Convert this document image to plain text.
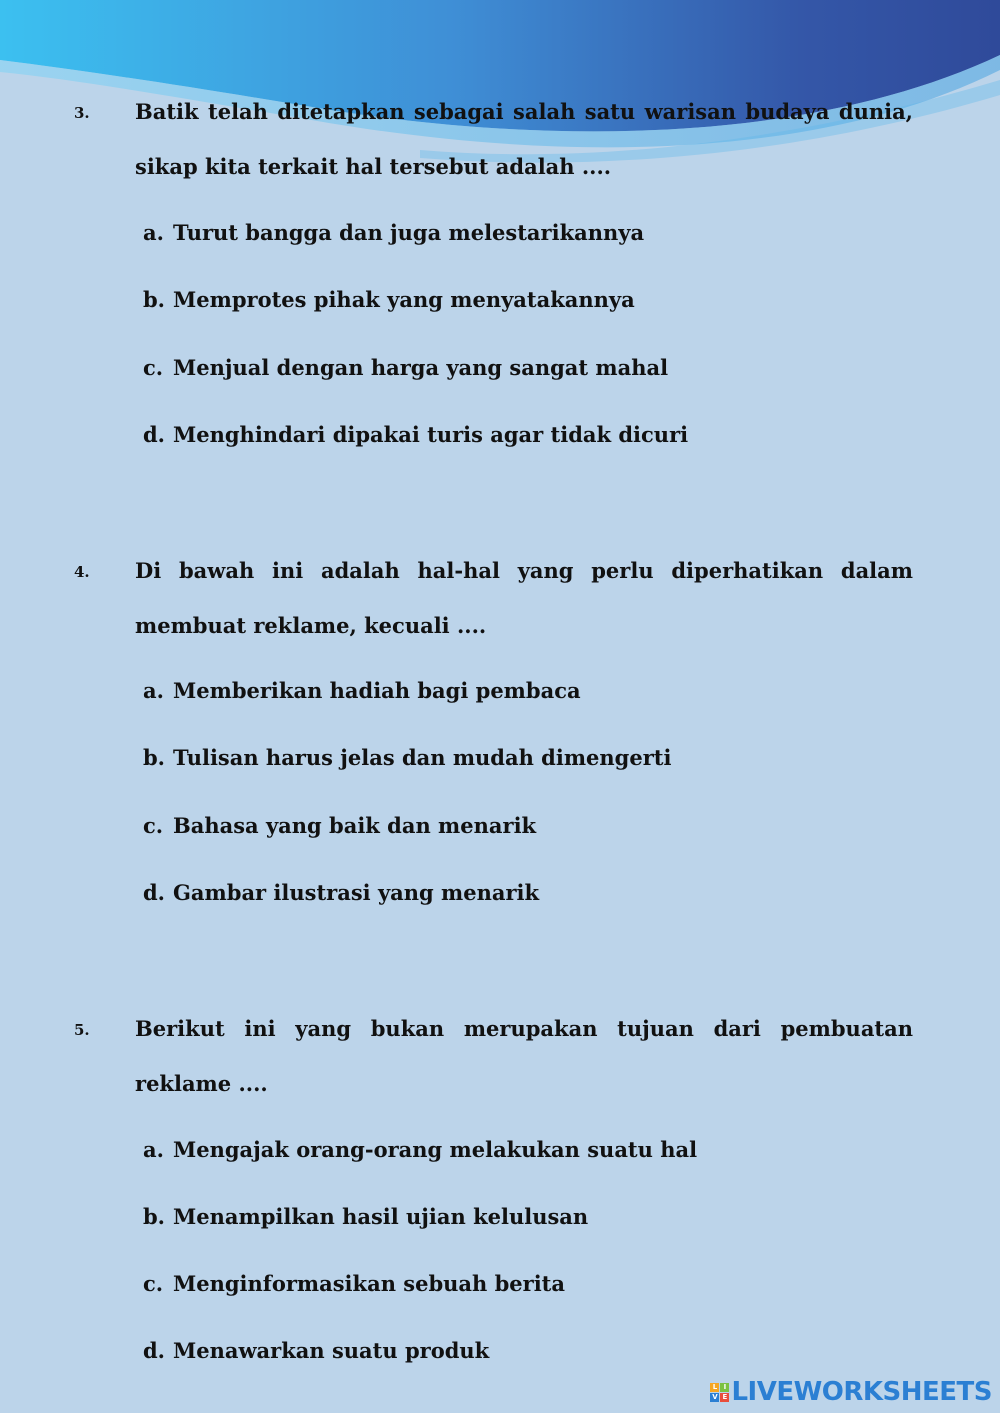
3. Batik telah ditetapkan sebagai salah satu warisan budaya dunia,
sikap kita terkait hal tersebut adalah ....

a. Turut bangga dan juga melestarikannya
b. Memprotes pihak yang menyatakannya
c. Menjual dengan harga yang sangat mahal
d. Menghindari dipakai turis agar tidak dicuri
4. Di bawah ini adalah hal-hal yang perlu diperhatikan dalam
membuat reklame, kecuali ....

a. Memberikan hadiah bagi pembaca
b. Tulisan harus jelas dan mudah dimengerti
c. Bahasa yang baik dan menarik
d. Gambar ilustrasi yang menarik
5. Berikut ini yang bukan merupakan tujuan dari pembuatan
reklame ....

a. Mengajak orang-orang melakukan suatu hal
b. Menampilkan hasil ujian kelulusan
c. Menginformasikan sebuah berita
d. Menawarkan suatu produk
L I
V E LIVEWORKSHEETS
